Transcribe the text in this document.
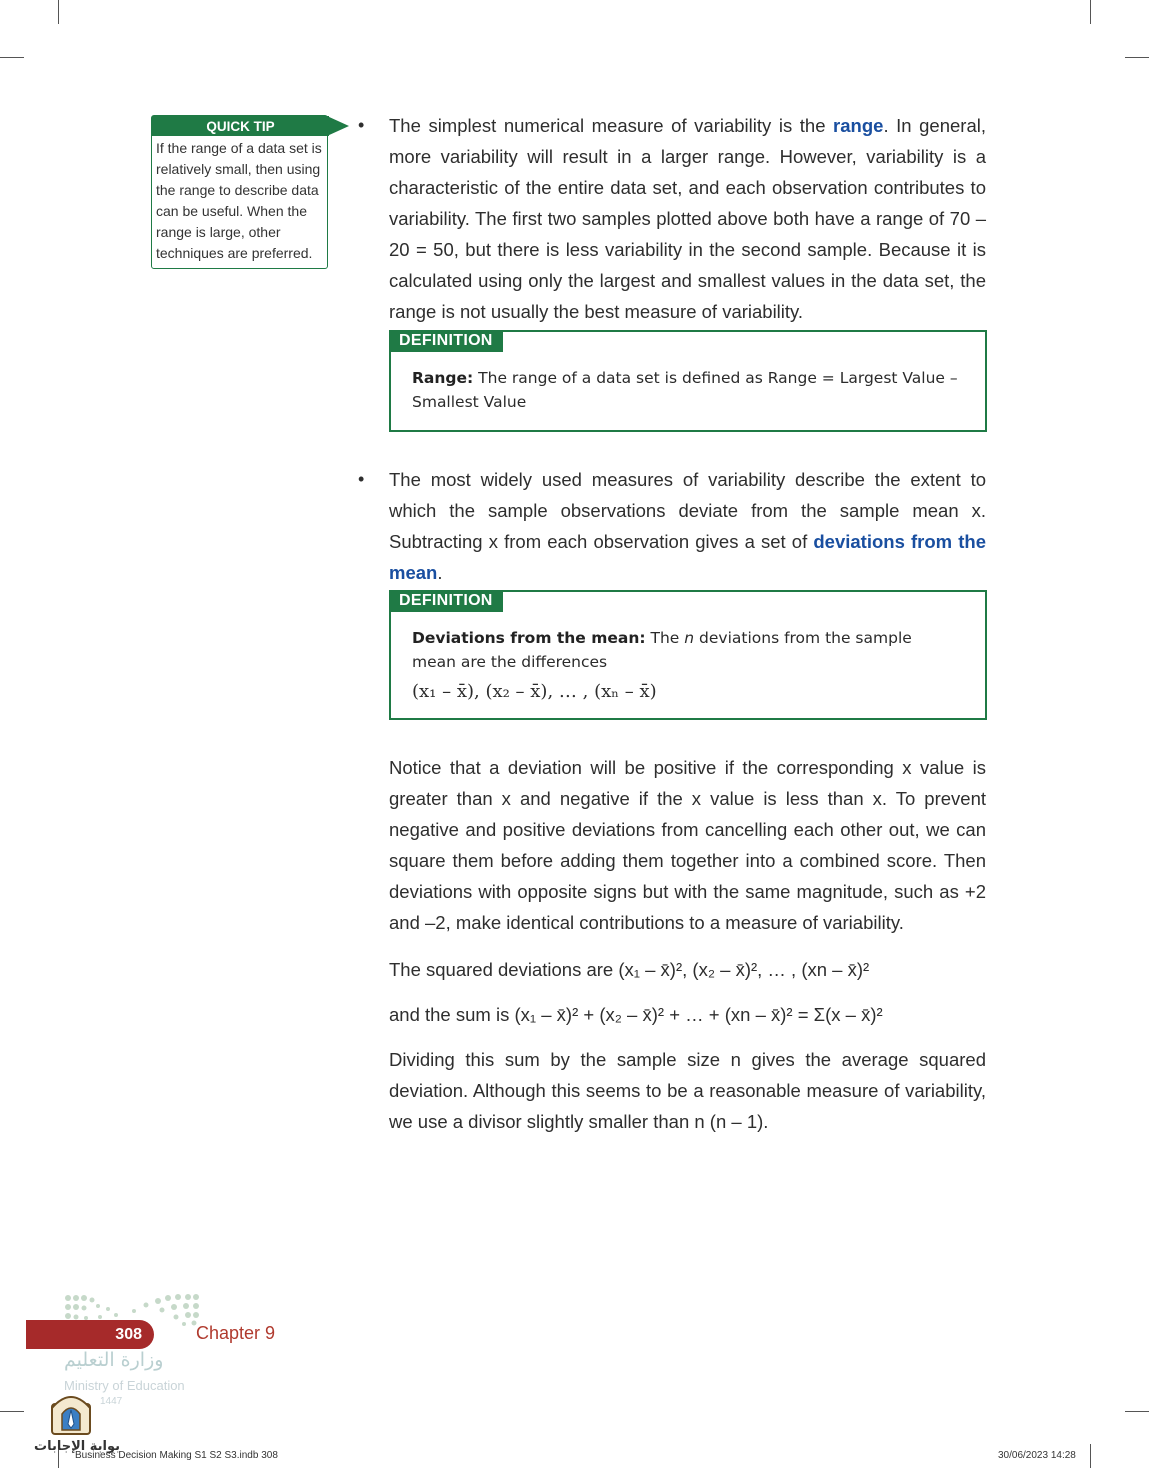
QUICK TIP
If the range of a data set is relatively small, then using the range to describe data can be useful. When the range is large, other techniques are preferred.
• The simplest numerical measure of variability is the range. In general, more variability will result in a larger range. However, variability is a characteristic of the entire data set, and each observation contributes to variability. The first two samples plotted above both have a range of 70 – 20 = 50, but there is less variability in the second sample. Because it is calculated using only the largest and smallest values in the data set, the range is not usually the best measure of variability.
DEFINITION
Range: The range of a data set is defined as Range = Largest Value – Smallest Value
• The most widely used measures of variability describe the extent to which the sample observations deviate from the sample mean x. Subtracting x from each observation gives a set of deviations from the mean.
DEFINITION
Deviations from the mean: The n deviations from the sample mean are the differences
(x₁ – x̄), (x₂ – x̄), … , (xₙ – x̄)
Notice that a deviation will be positive if the corresponding x value is greater than x and negative if the x value is less than x. To prevent negative and positive deviations from cancelling each other out, we can square them before adding them together into a combined score. Then deviations with opposite signs but with the same magnitude, such as +2 and –2, make identical contributions to a measure of variability.
The squared deviations are (x₁ – x̄)², (x₂ – x̄)², … , (xn – x̄)²
and the sum is (x₁ – x̄)² + (x₂ – x̄)² + … + (xn – x̄)² = Σ(x – x̄)²
Dividing this sum by the sample size n gives the average squared deviation. Although this seems to be a reasonable measure of variability, we use a divisor slightly smaller than n (n – 1).
308	Chapter 9
وزارة التعليم
Ministry of Education
1447
بوابة الإجابات
Business Decision Making S1 S2 S3.indb 308	30/06/2023 14:28
